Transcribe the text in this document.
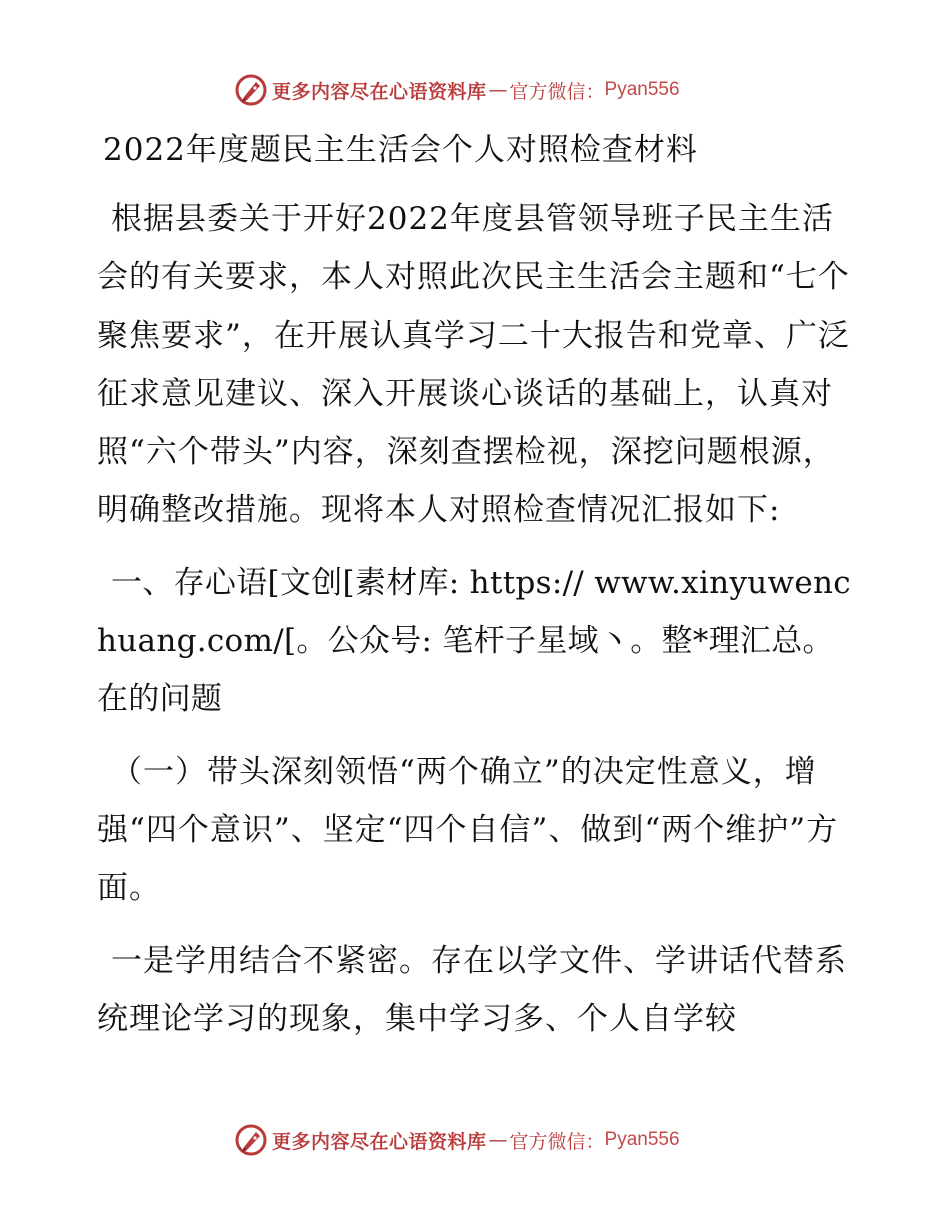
更多内容尽在心语资料库 — 官方微信： Pyan556
2022年度题民主生活会个人对照检查材料

根据县委关于开好2022年度县管领导班子民主生活会的有关要求，本人对照此次民主生活会主题和“七个聚焦要求”，在开展认真学习二十大报告和党章、广泛征求意见建议、深入开展谈心谈话的基础上，认真对照“六个带头”内容，深刻查摆检视，深挖问题根源，明确整改措施。现将本人对照检查情况汇报如下:

一、存心语[文创[素材库: https:// www.xinyuwenchuang.com/[。公众号: 笔杆子星域丶。整*理汇总。在的问题

（一）带头深刻领悟“两个确立”的决定性意义，增强“四个意识”、坚定“四个自信”、做到“两个维护”方面。

一是学用结合不紧密。存在以学文件、学讲话代替系统理论学习的现象，集中学习多、个人自学较

更多内容尽在心语资料库 — 官方微信： Pyan556
